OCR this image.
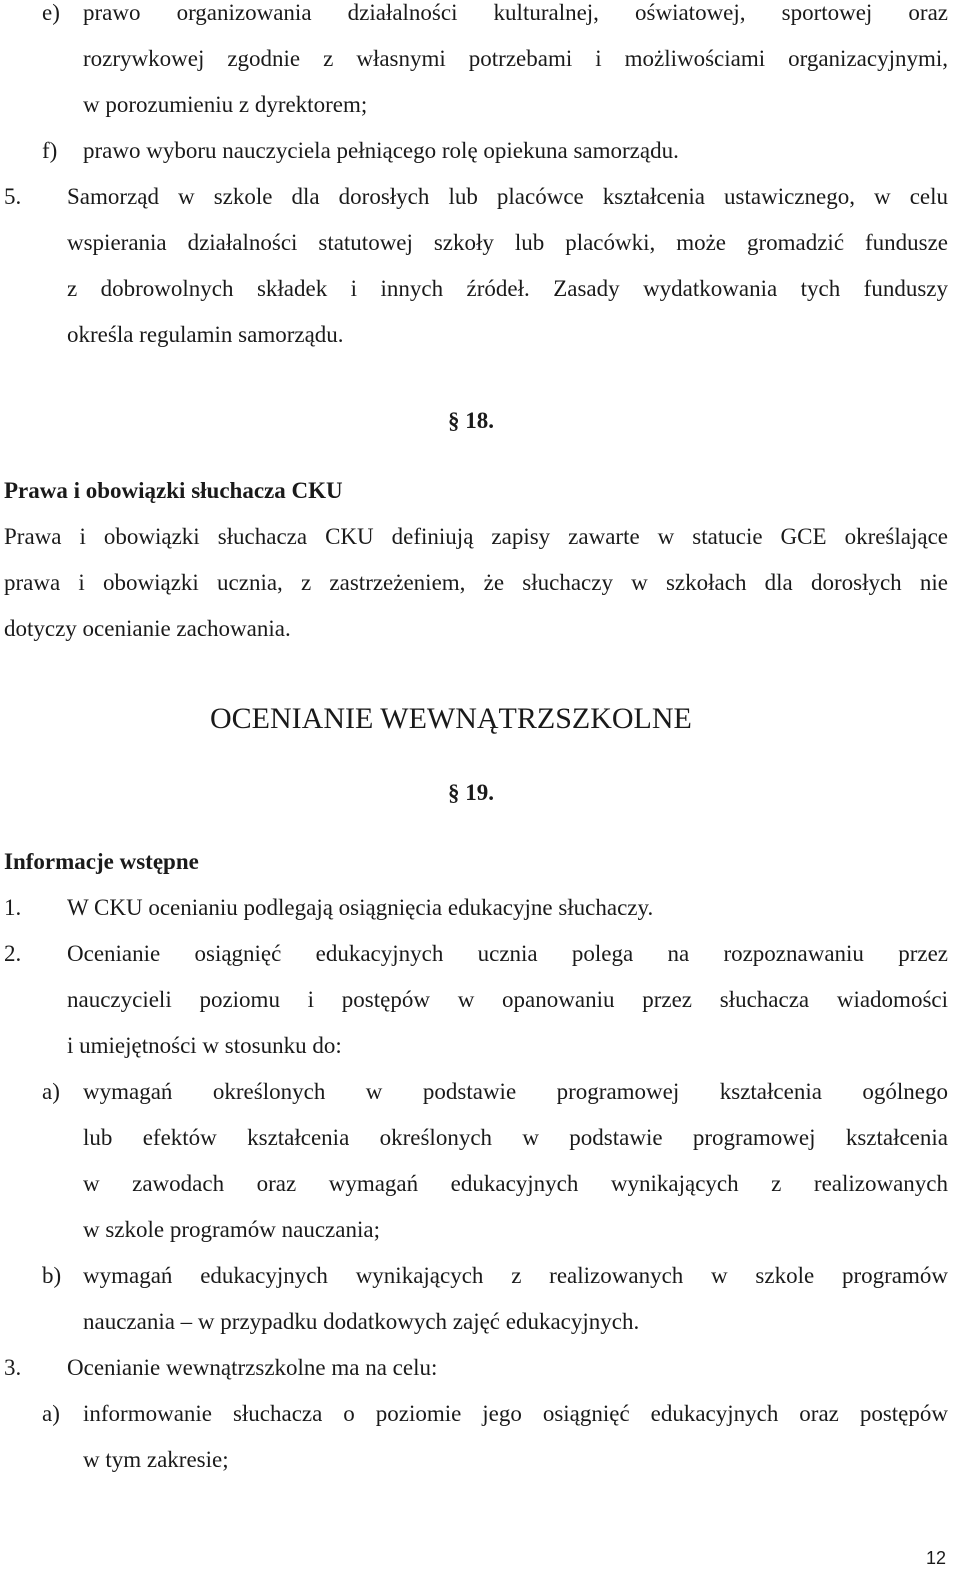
e) prawo organizowania działalności kulturalnej, oświatowej, sportowej oraz
rozrywkowej zgodnie z własnymi potrzebami i możliwościami organizacyjnymi,
w porozumieniu z dyrektorem;
f) prawo wyboru nauczyciela pełniącego rolę opiekuna samorządu.
5. Samorząd w szkole dla dorosłych lub placówce kształcenia ustawicznego, w celu
wspierania działalności statutowej szkoły lub placówki, może gromadzić fundusze
z dobrowolnych składek i innych źródeł. Zasady wydatkowania tych funduszy
określa regulamin samorządu.
§ 18.
Prawa i obowiązki słuchacza CKU
Prawa i obowiązki słuchacza CKU definiują zapisy zawarte w statucie GCE określające
prawa i obowiązki ucznia, z zastrzeżeniem, że słuchaczy w szkołach dla dorosłych nie
dotyczy ocenianie zachowania.
OCENIANIE WEWNĄTRZSZKOLNE
§ 19.
Informacje wstępne
1. W CKU ocenianiu podlegają osiągnięcia edukacyjne słuchaczy.
2. Ocenianie osiągnięć edukacyjnych ucznia polega na rozpoznawaniu przez
nauczycieli poziomu i postępów w opanowaniu przez słuchacza wiadomości
i umiejętności w stosunku do:
a) wymagań określonych w podstawie programowej kształcenia ogólnego
lub efektów kształcenia określonych w podstawie programowej kształcenia
w zawodach oraz wymagań edukacyjnych wynikających z realizowanych
w szkole programów nauczania;
b) wymagań edukacyjnych wynikających z realizowanych w szkole programów
nauczania – w przypadku dodatkowych zajęć edukacyjnych.
3. Ocenianie wewnątrzszkolne ma na celu:
a) informowanie słuchacza o poziomie jego osiągnięć edukacyjnych oraz postępów
w tym zakresie;
12
